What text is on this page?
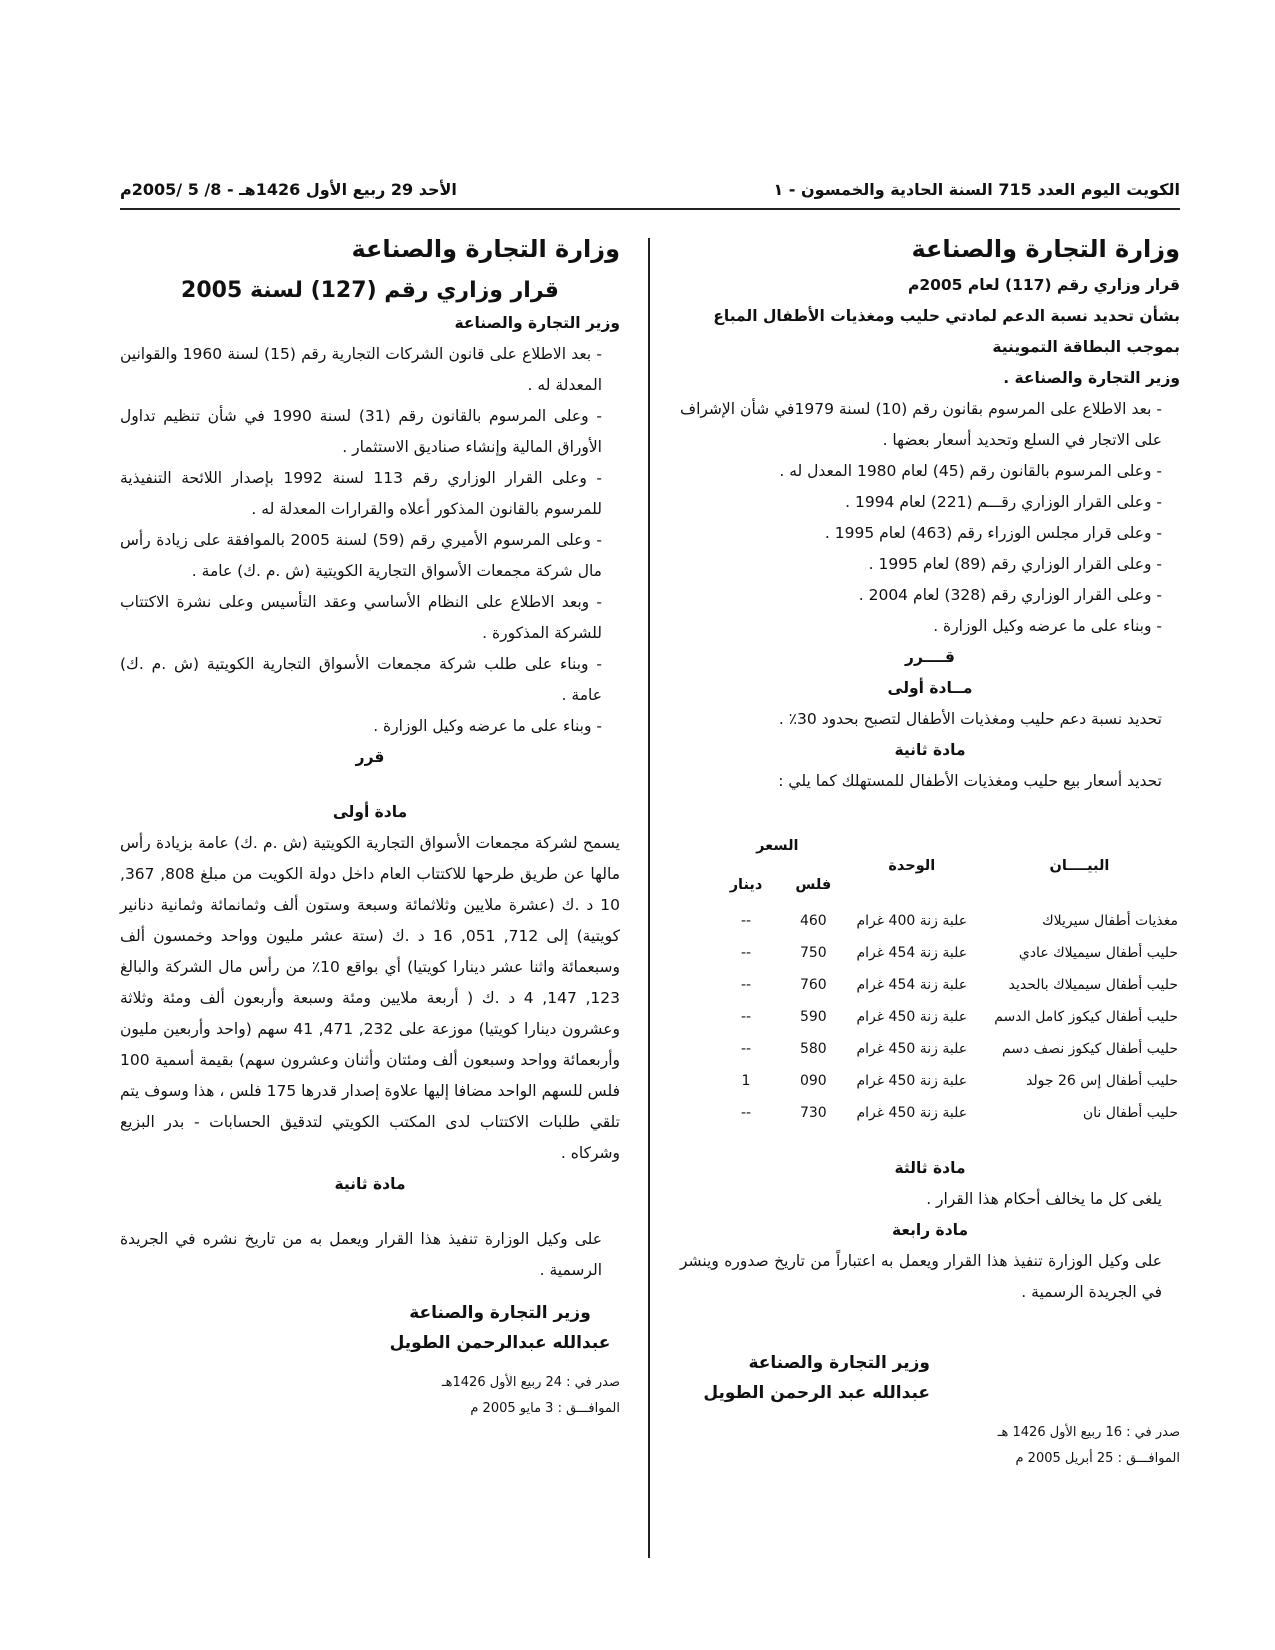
الكويت اليوم العدد 715 السنة الحادية والخمسون - ١
الأحد 29 ربيع الأول 1426هـ - 8/ 5 /2005م
وزارة التجارة والصناعة
قرار وزاري رقم (117) لعام 2005م
بشأن تحديد نسبة الدعم لمادتي حليب ومغذيات الأطفال المباع بموجب البطاقة التموينية
وزير التجارة والصناعة .

- بعد الاطلاع على المرسوم بقانون رقم (10) لسنة 1979في شأن الإشراف على الاتجار في السلع وتحديد أسعار بعضها .

- وعلى المرسوم بالقانون رقم (45) لعام 1980 المعدل له .

- وعلى القرار الوزاري رقـــم (221) لعام 1994 .

- وعلى قرار مجلس الوزراء رقم (463) لعام 1995 .

- وعلى القرار الوزاري رقم (89) لعام 1995 .

- وعلى القرار الوزاري رقم (328) لعام 2004 .

- وبناء على ما عرضه وكيل الوزارة .

قــــرر
مــادة أولى

تحديد نسبة دعم حليب ومغذيات الأطفال لتصبح بحدود 30٪ .

مادة ثانية

تحديد أسعار بيع حليب ومغذيات الأطفال للمستهلك كما يلي :

البيــــان	الوحدة	السعر	
		فلس	دينار
مغذيات أطفال سيريلاك	علبة زنة 400 غرام	460	--
حليب أطفال سيميلاك عادي	علبة زنة 454 غرام	750	--
حليب أطفال سيميلاك بالحديد	علبة زنة 454 غرام	760	--
حليب أطفال كيكوز كامل الدسم	علبة زنة 450 غرام	590	--
حليب أطفال كيكوز نصف دسم	علبة زنة 450 غرام	580	--
حليب أطفال إس 26 جولد	علبة زنة 450 غرام	090	1
حليب أطفال نان	علبة زنة 450 غرام	730	--
مادة ثالثة

يلغى كل ما يخالف أحكام هذا القرار .

مادة رابعة

على وكيل الوزارة تنفيذ هذا القرار ويعمل به اعتباراً من تاريخ صدوره وينشر في الجريدة الرسمية .

وزير التجارة والصناعة
عبدالله عبد الرحمن الطويل
صدر في : 16 ربيع الأول 1426 هـ
الموافـــق : 25 أبريل 2005 م
وزارة التجارة والصناعة
قرار وزاري رقم (127) لسنة 2005
وزير التجارة والصناعة

- بعد الاطلاع على قانون الشركات التجارية رقم (15) لسنة 1960 والقوانين المعدلة له .

- وعلى المرسوم بالقانون رقم (31) لسنة 1990 في شأن تنظيم تداول الأوراق المالية وإنشاء صناديق الاستثمار .

- وعلى القرار الوزاري رقم 113 لسنة 1992 بإصدار اللائحة التنفيذية للمرسوم بالقانون المذكور أعلاه والقرارات المعدلة له .

- وعلى المرسوم الأميري رقم (59) لسنة 2005 بالموافقة على زيادة رأس مال شركة مجمعات الأسواق التجارية الكويتية (ش .م .ك) عامة .

- وبعد الاطلاع على النظام الأساسي وعقد التأسيس وعلى نشرة الاكتتاب للشركة المذكورة .

- وبناء على طلب شركة مجمعات الأسواق التجارية الكويتية (ش .م .ك) عامة .

- وبناء على ما عرضه وكيل الوزارة .

قرر
مادة أولى

يسمح لشركة مجمعات الأسواق التجارية الكويتية (ش .م .ك) عامة بزيادة رأس مالها عن طريق طرحها للاكتتاب العام داخل دولة الكويت من مبلغ 808, 367, 10 د .ك (عشرة ملايين وثلاثمائة وسبعة وستون ألف وثمانمائة وثمانية دنانير كويتية) إلى 712, 051, 16 د .ك (ستة عشر مليون وواحد وخمسون ألف وسبعمائة واثنا عشر دينارا كويتيا) أي بواقع 10٪ من رأس مال الشركة والبالغ 123, 147, 4 د .ك ( أربعة ملايين ومئة وسبعة وأربعون ألف ومئة وثلاثة وعشرون دينارا كويتيا) موزعة على 232, 471, 41 سهم (واحد وأربعين مليون وأربعمائة وواحد وسبعون ألف ومئتان وأثنان وعشرون سهم) بقيمة أسمية 100 فلس للسهم الواحد مضافا إليها علاوة إصدار قدرها 175 فلس ، هذا وسوف يتم تلقي طلبات الاكتتاب لدى المكتب الكويتي لتدقيق الحسابات - بدر البزيع وشركاه .

مادة ثانية

على وكيل الوزارة تنفيذ هذا القرار ويعمل به من تاريخ نشره في الجريدة الرسمية .

وزير التجارة والصناعة
عبدالله عبدالرحمن الطويل
صدر في : 24 ربيع الأول 1426هـ
الموافـــق : 3 مايو 2005 م
